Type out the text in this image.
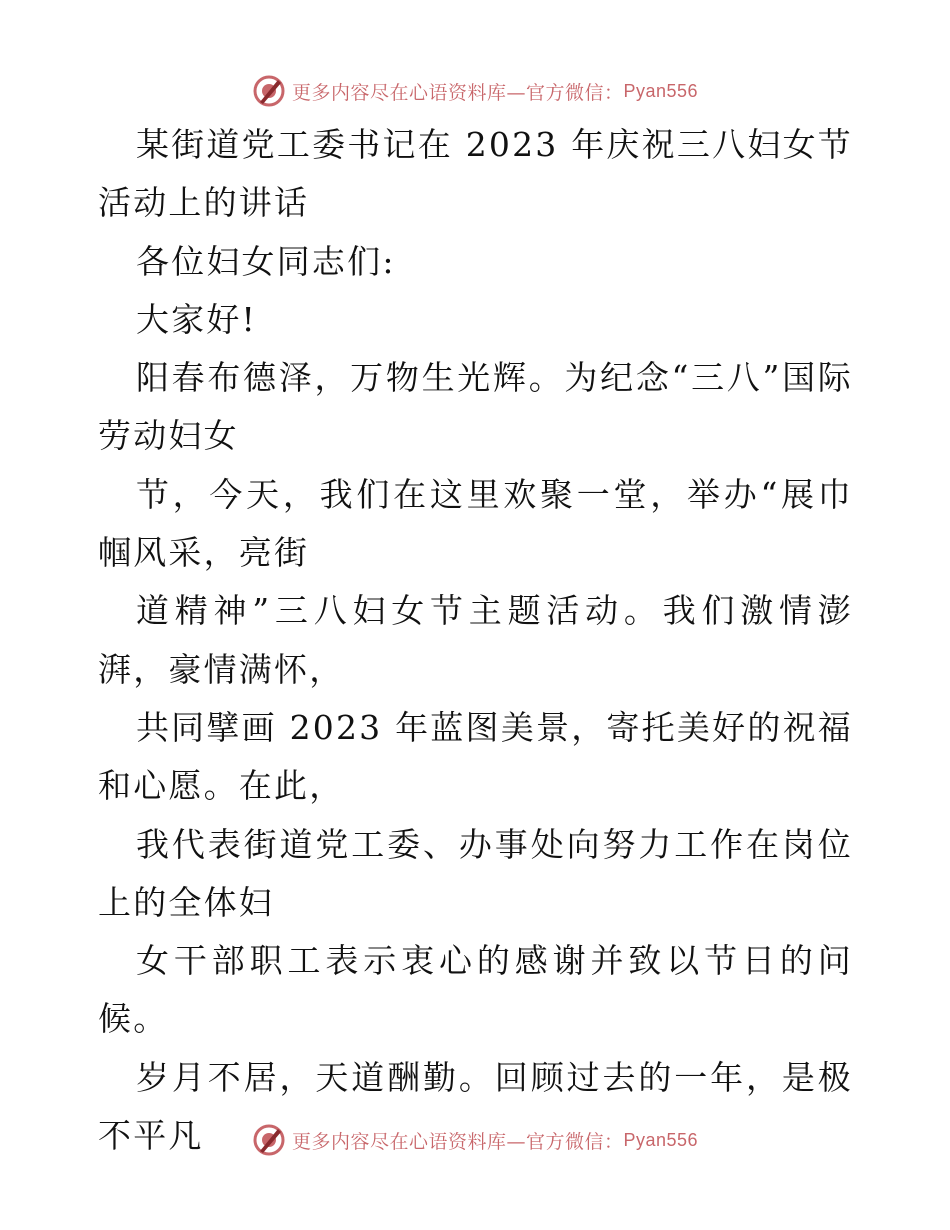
更多内容尽在心语资料库—官方微信： Pyan556

某街道党工委书记在 2023 年庆祝三八妇女节活动上的讲话

各位妇女同志们:

大家好!

阳春布德泽，万物生光辉。为纪念“三八”国际劳动妇女

节，今天，我们在这里欢聚一堂，举办“展巾帼风采，亮街

道精神”三八妇女节主题活动。我们激情澎湃，豪情满怀，

共同擘画 2023 年蓝图美景，寄托美好的祝福和心愿。在此，

我代表街道党工委、办事处向努力工作在岗位上的全体妇

女干部职工表示衷心的感谢并致以节日的问候。

岁月不居，天道酬勤。回顾过去的一年，是极不平凡	更多内容尽在心语资料库—官方微信： Pyan556
